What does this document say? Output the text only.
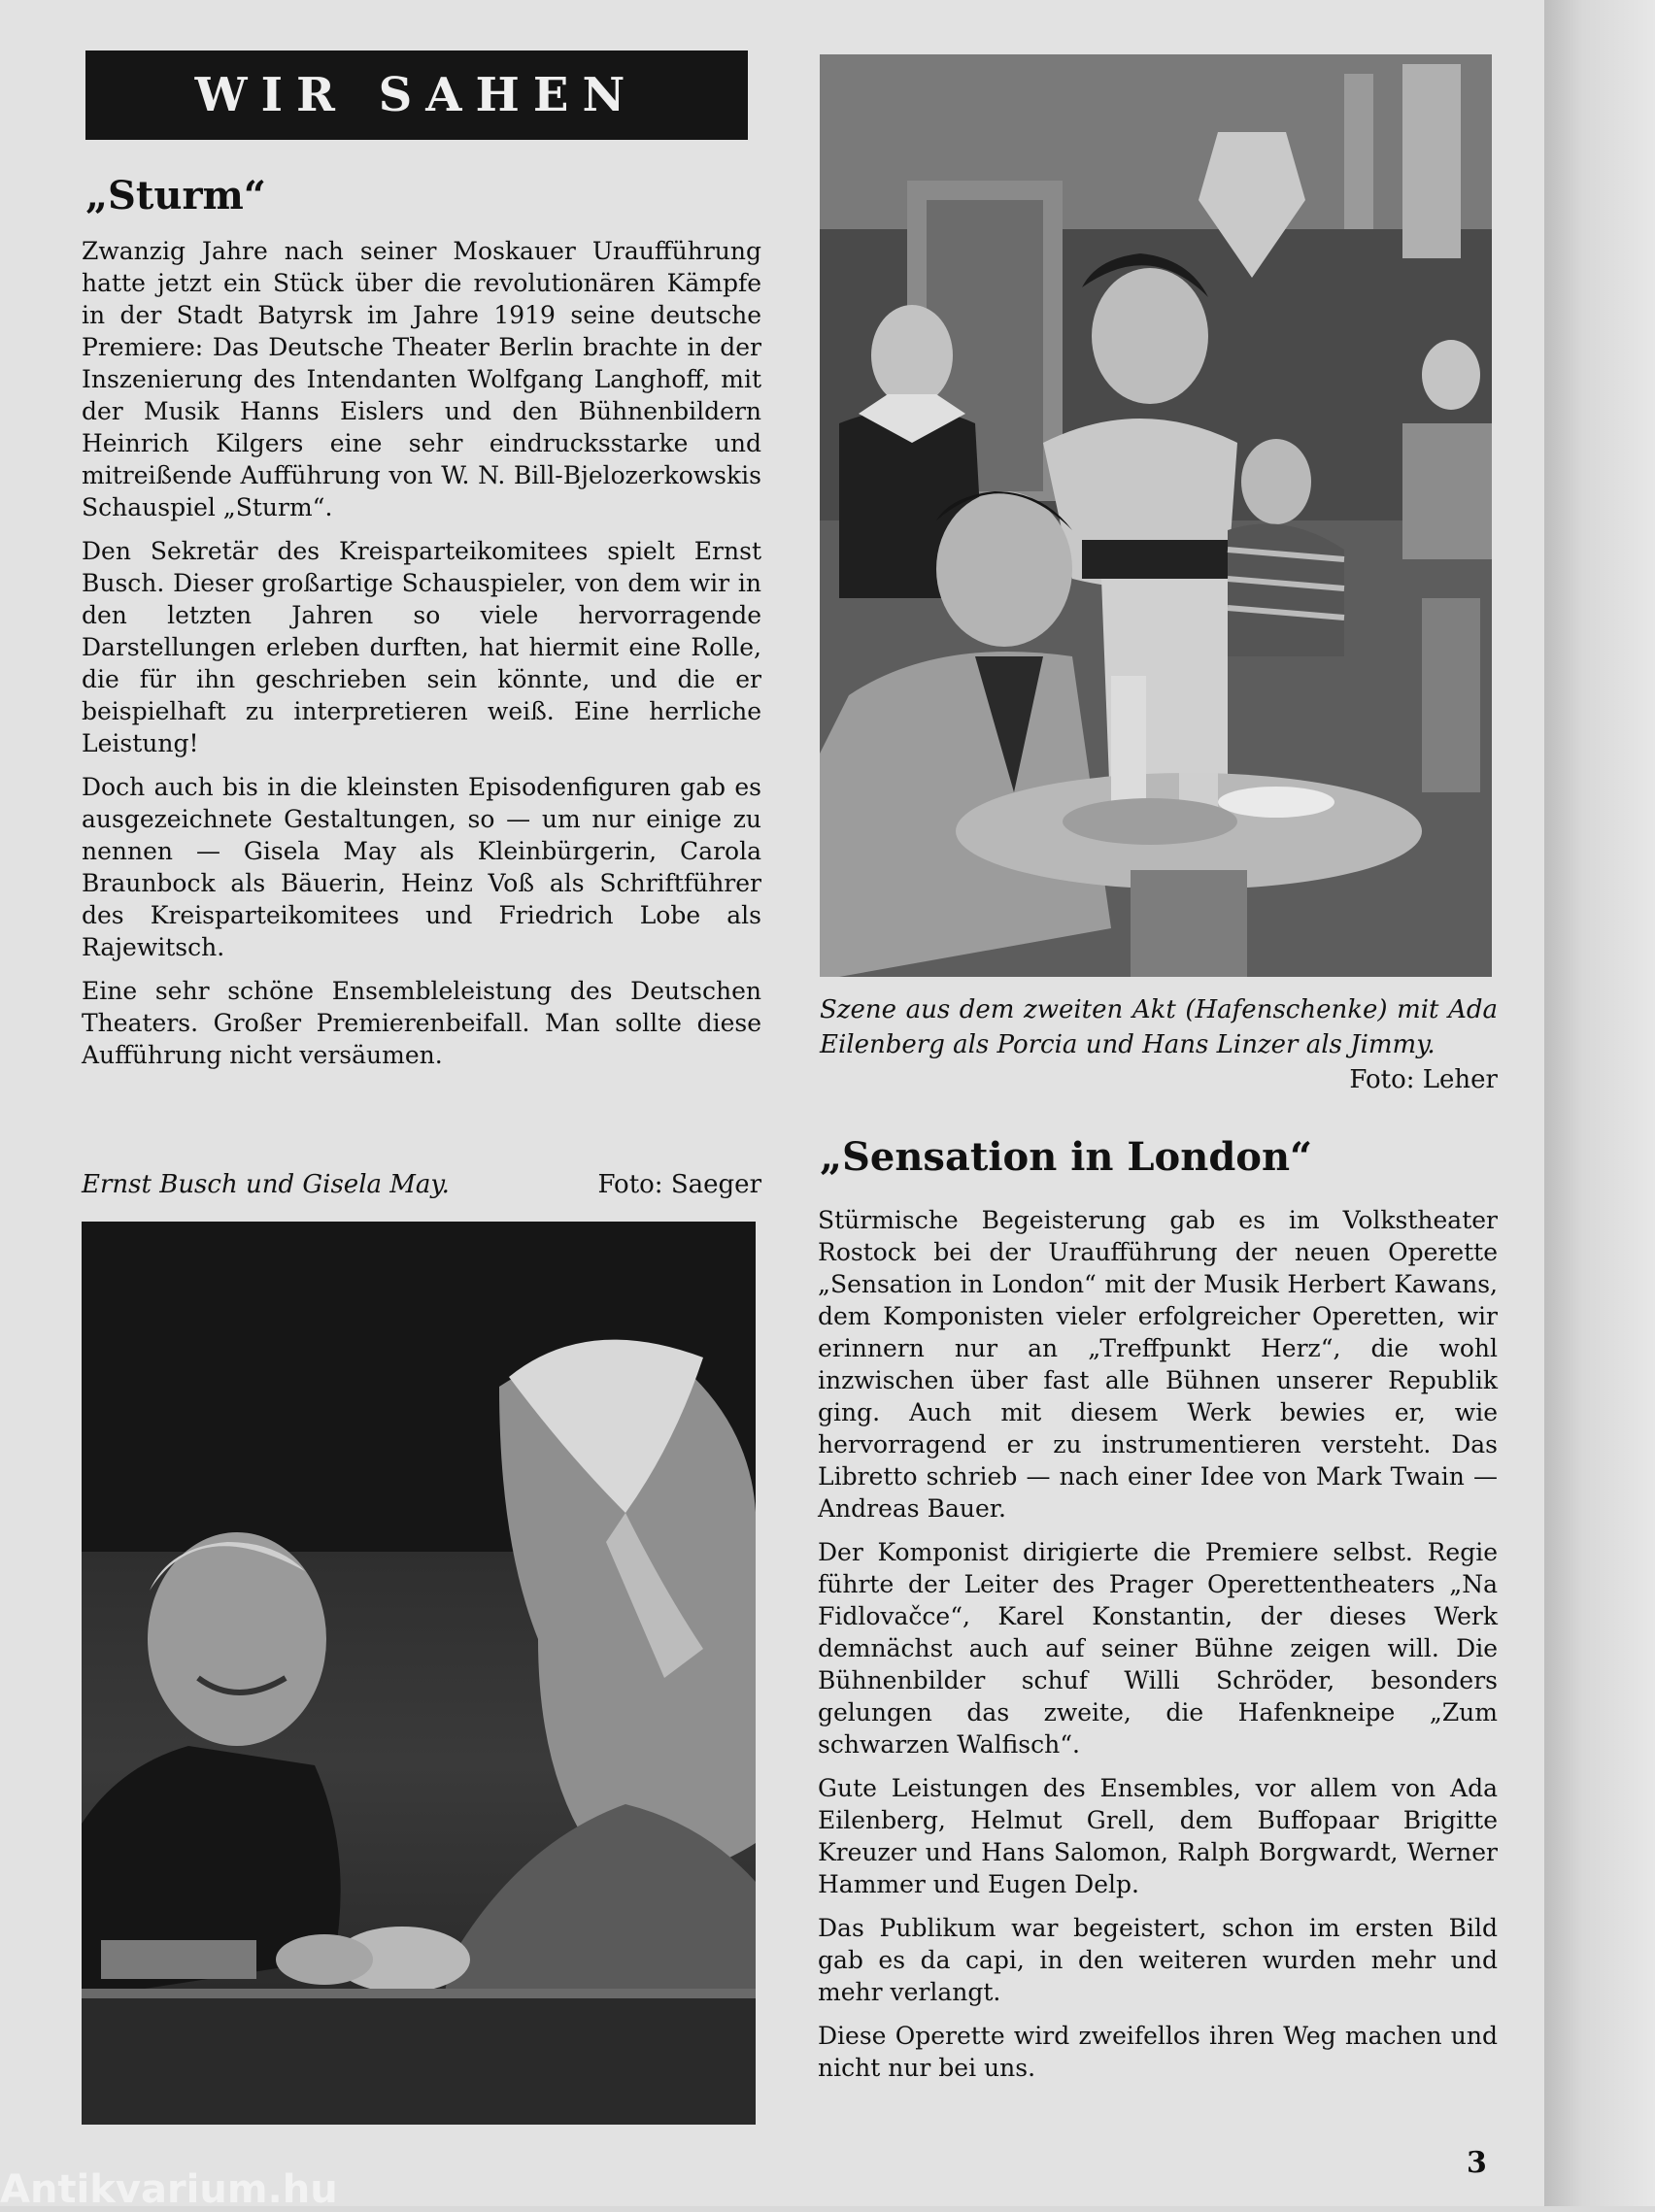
WIR SAHEN
„Sturm“

Zwanzig Jahre nach seiner Moskauer Uraufführung hatte jetzt ein Stück über die revolutionären Kämpfe in der Stadt Batyrsk im Jahre 1919 seine deutsche Premiere: Das Deutsche Theater Berlin brachte in der Inszenierung des Intendanten Wolfgang Langhoff, mit der Musik Hanns Eislers und den Bühnenbildern Heinrich Kilgers eine sehr eindrucksstarke und mitreißende Aufführung von W. N. Bill-Bjelozerkowskis Schauspiel „Sturm“.

Den Sekretär des Kreisparteikomitees spielt Ernst Busch. Dieser großartige Schauspieler, von dem wir in den letzten Jahren so viele hervorragende Darstellungen erleben durften, hat hiermit eine Rolle, die für ihn geschrieben sein könnte, und die er beispielhaft zu interpretieren weiß. Eine herrliche Leistung!

Doch auch bis in die kleinsten Episodenfiguren gab es ausgezeichnete Gestaltungen, so — um nur einige zu nennen — Gisela May als Kleinbürgerin, Carola Braunbock als Bäuerin, Heinz Voß als Schriftführer des Kreisparteikomitees und Friedrich Lobe als Rajewitsch.

Eine sehr schöne Ensembleleistung des Deutschen Theaters. Großer Premierenbeifall. Man sollte diese Aufführung nicht versäumen.

Ernst Busch und Gisela May.	Foto: Saeger
Szene aus dem zweiten Akt (Hafenschenke) mit Ada Eilenberg als Porcia und Hans Linzer als Jimmy.
Foto: Leher
„Sensation in London“

Stürmische Begeisterung gab es im Volkstheater Rostock bei der Uraufführung der neuen Operette „Sensation in London“ mit der Musik Herbert Kawans, dem Komponisten vieler erfolgreicher Operetten, wir erinnern nur an „Treffpunkt Herz“, die wohl inzwischen über fast alle Bühnen unserer Republik ging. Auch mit diesem Werk bewies er, wie hervorragend er zu instrumentieren versteht. Das Libretto schrieb — nach einer Idee von Mark Twain — Andreas Bauer.

Der Komponist dirigierte die Premiere selbst. Regie führte der Leiter des Prager Operettentheaters „Na Fidlovačce“, Karel Konstantin, der dieses Werk demnächst auch auf seiner Bühne zeigen will. Die Bühnenbilder schuf Willi Schröder, besonders gelungen das zweite, die Hafenkneipe „Zum schwarzen Walfisch“.

Gute Leistungen des Ensembles, vor allem von Ada Eilenberg, Helmut Grell, dem Buffopaar Brigitte Kreuzer und Hans Salomon, Ralph Borgwardt, Werner Hammer und Eugen Delp.

Das Publikum war begeistert, schon im ersten Bild gab es da capi, in den weiteren wurden mehr und mehr verlangt.

Diese Operette wird zweifellos ihren Weg machen und nicht nur bei uns.

3
Antikvarium.hu
